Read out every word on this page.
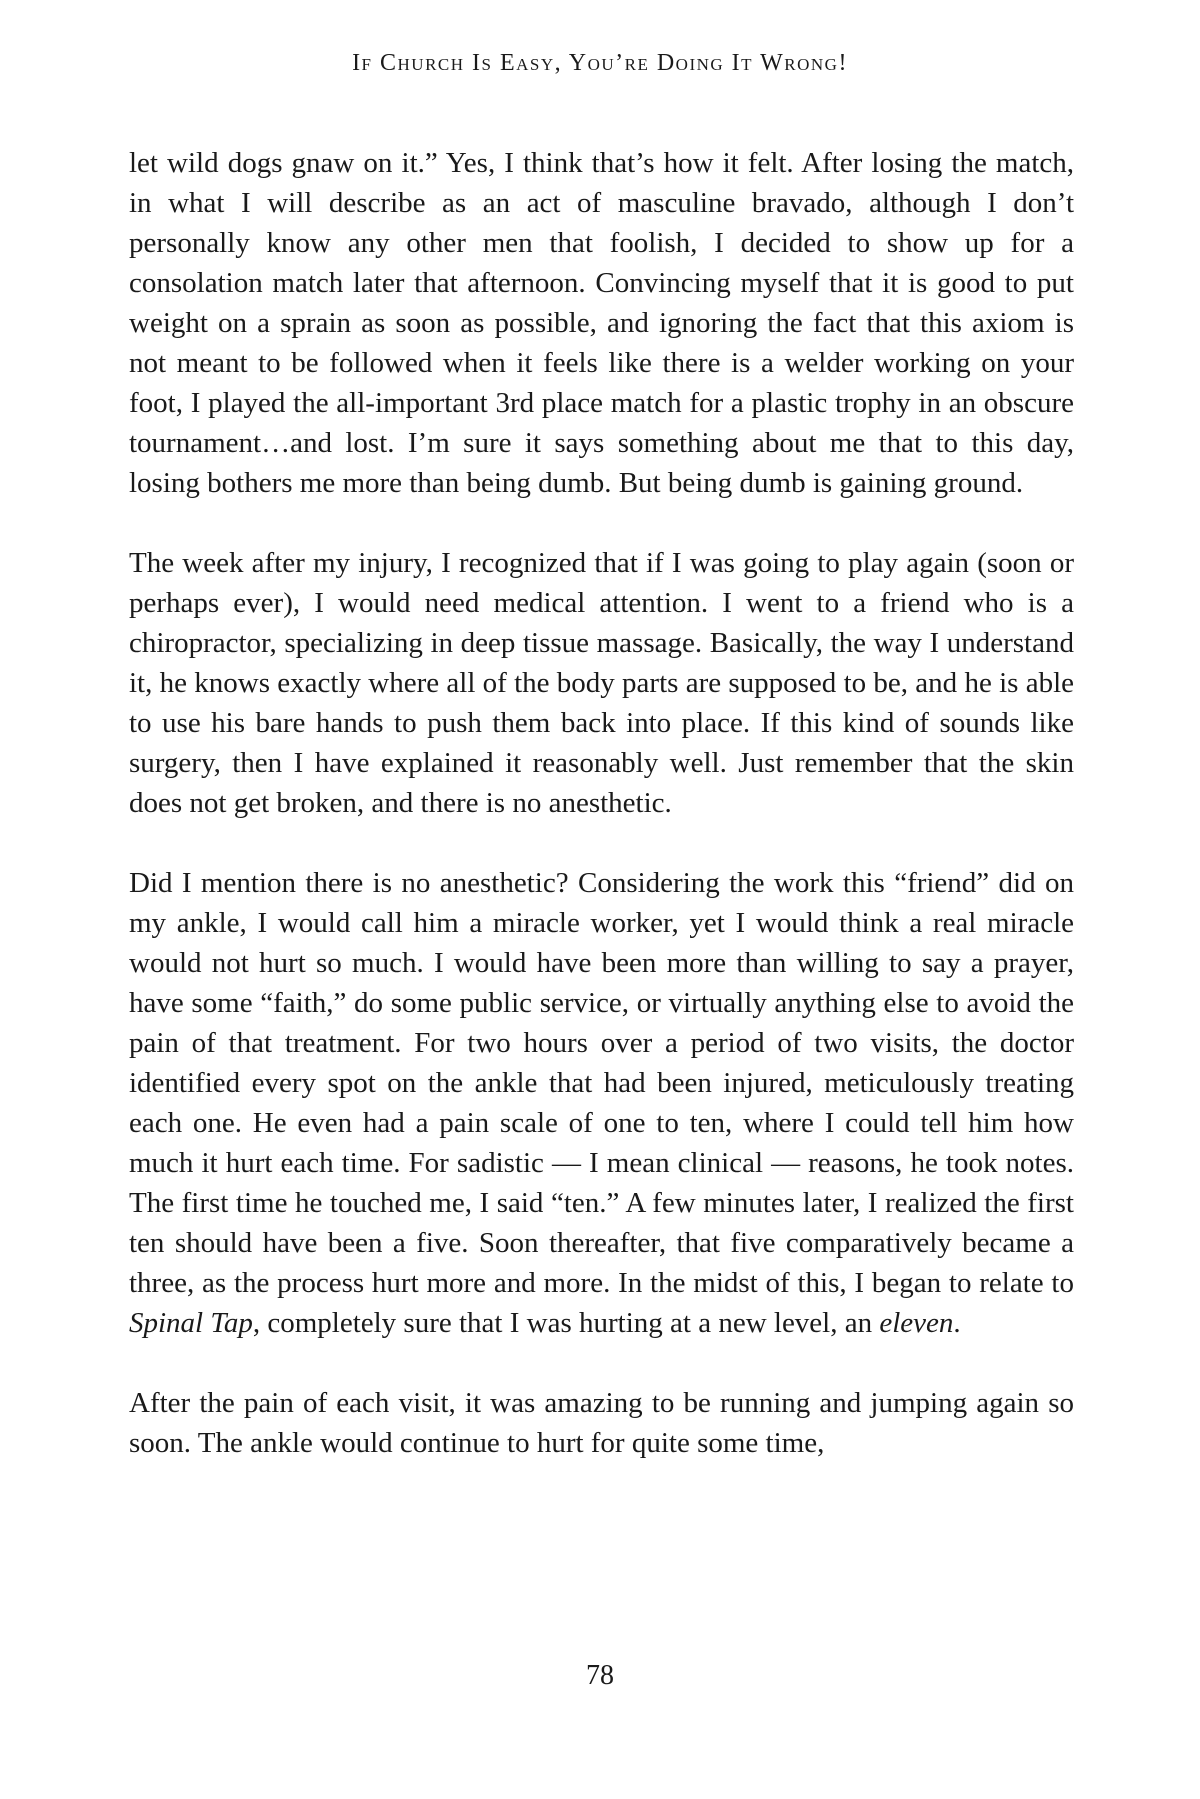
If Church Is Easy, You’re Doing It Wrong!

let wild dogs gnaw on it.” Yes, I think that’s how it felt. After losing the match, in what I will describe as an act of masculine bravado, although I don’t personally know any other men that foolish, I decided to show up for a consolation match later that afternoon. Convincing myself that it is good to put weight on a sprain as soon as possible, and ignoring the fact that this axiom is not meant to be followed when it feels like there is a welder working on your foot, I played the all-important 3rd place match for a plastic trophy in an obscure tournament…and lost. I’m sure it says something about me that to this day, losing bothers me more than being dumb. But being dumb is gaining ground.

The week after my injury, I recognized that if I was going to play again (soon or perhaps ever), I would need medical attention. I went to a friend who is a chiropractor, specializing in deep tissue massage. Basically, the way I understand it, he knows exactly where all of the body parts are supposed to be, and he is able to use his bare hands to push them back into place. If this kind of sounds like surgery, then I have explained it reasonably well. Just remember that the skin does not get broken, and there is no anesthetic.

Did I mention there is no anesthetic? Considering the work this “friend” did on my ankle, I would call him a miracle worker, yet I would think a real miracle would not hurt so much. I would have been more than willing to say a prayer, have some “faith,” do some public service, or virtually anything else to avoid the pain of that treatment. For two hours over a period of two visits, the doctor identified every spot on the ankle that had been injured, meticulously treating each one. He even had a pain scale of one to ten, where I could tell him how much it hurt each time. For sadistic — I mean clinical — reasons, he took notes. The first time he touched me, I said “ten.” A few minutes later, I realized the first ten should have been a five. Soon thereafter, that five comparatively became a three, as the process hurt more and more. In the midst of this, I began to relate to Spinal Tap, completely sure that I was hurting at a new level, an eleven.

After the pain of each visit, it was amazing to be running and jumping again so soon. The ankle would continue to hurt for quite some time,

78
